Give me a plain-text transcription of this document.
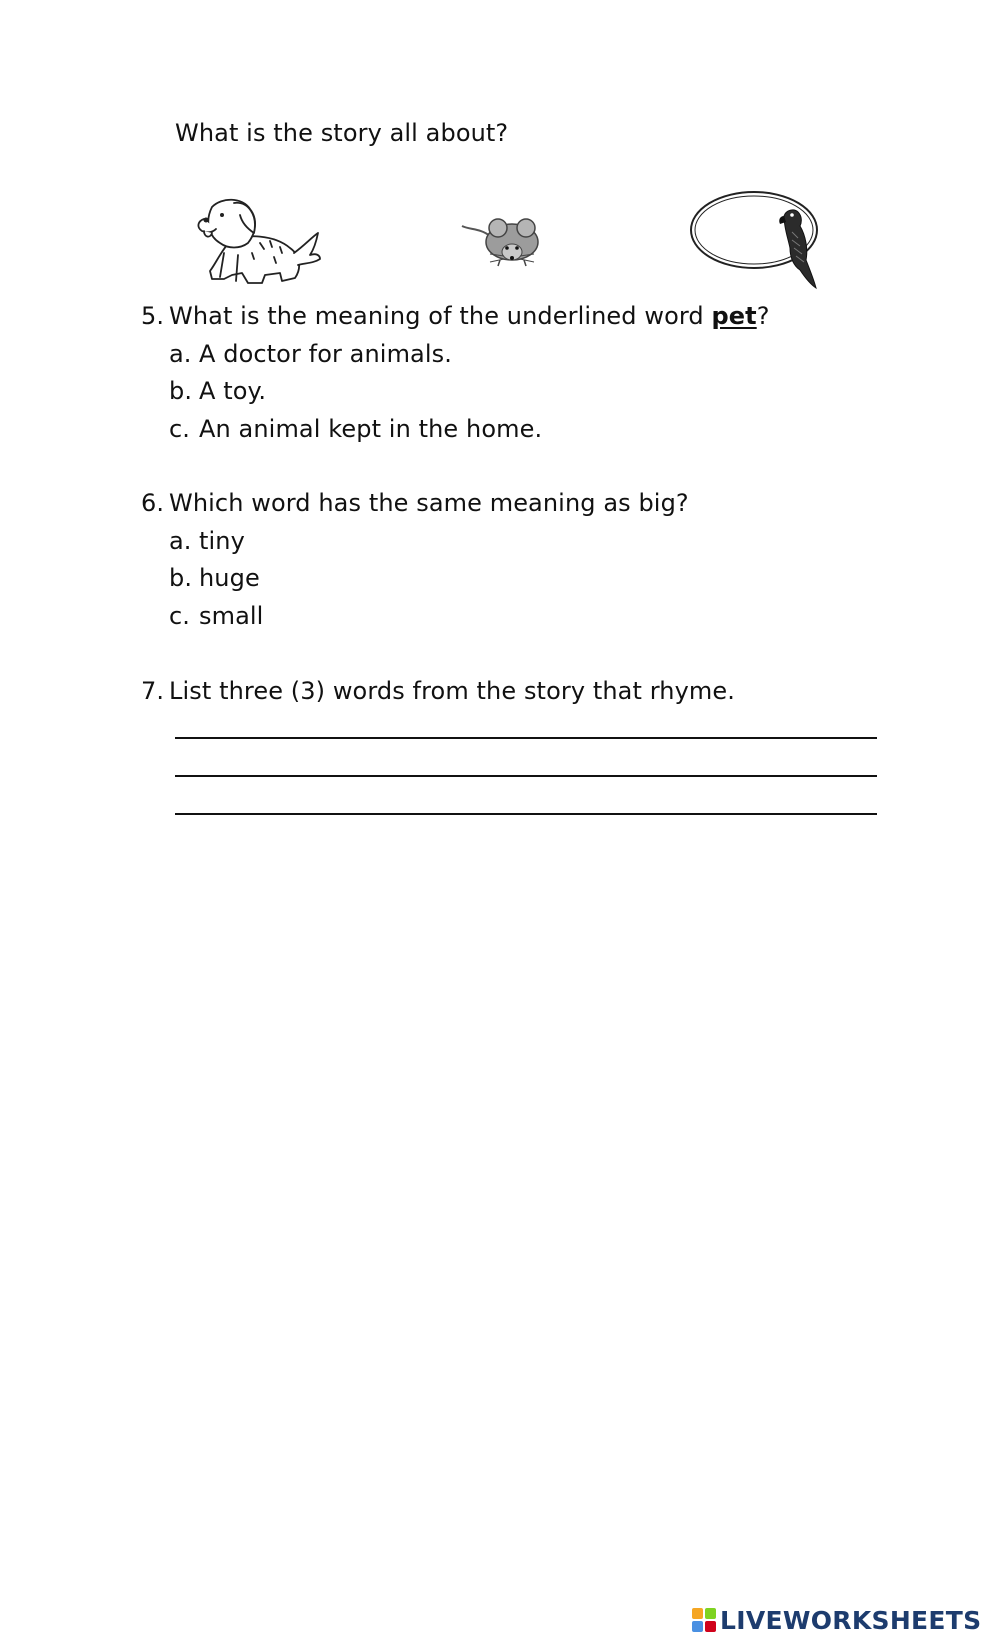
What is the story all about?
5. What is the meaning of the underlined word pet?
a. A doctor for animals.
b. A toy.
c. An animal kept in the home.
6. Which word has the same meaning as big?
a. tiny
b. huge
c. small
7. List three (3) words from the story that rhyme.
LIVEWORKSHEETS
